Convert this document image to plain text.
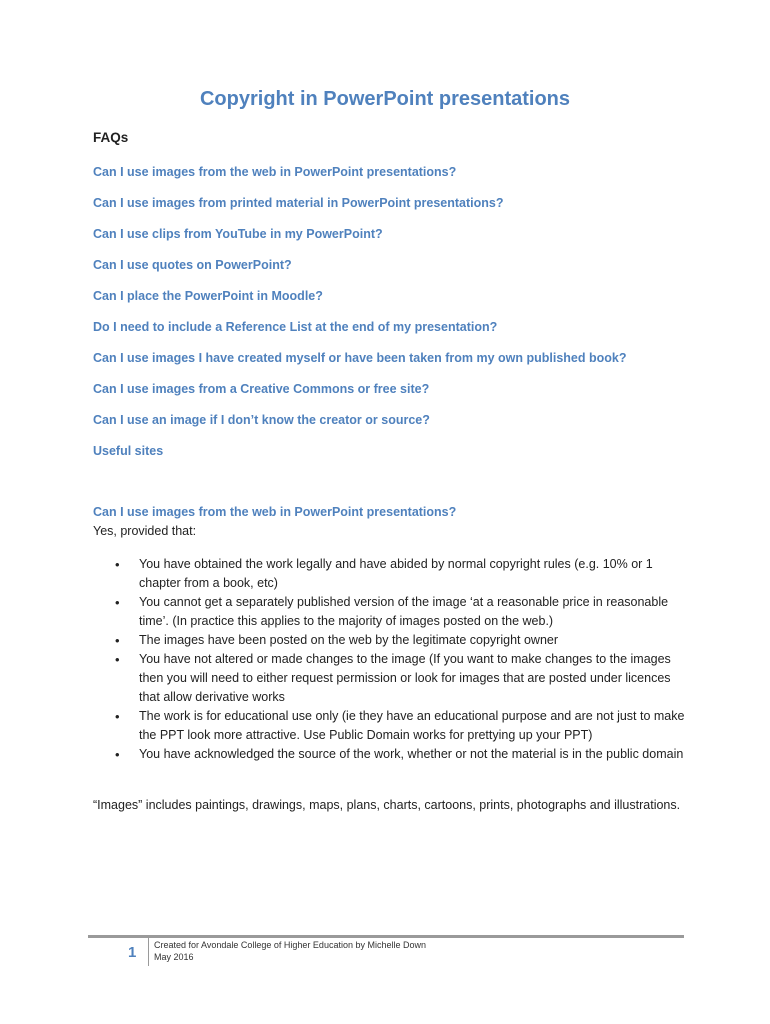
Copyright in PowerPoint presentations
FAQs
Can I use images from the web in PowerPoint presentations?
Can I use images from printed material in PowerPoint presentations?
Can I use clips from YouTube in my PowerPoint?
Can I use quotes on PowerPoint?
Can I place the PowerPoint in Moodle?
Do I need to include a Reference List at the end of my presentation?
Can I use images I have created myself or have been taken from my own published book?
Can I use images from a Creative Commons or free site?
Can I use an image if I don’t know the creator or source?
Useful sites
Can I use images from the web in PowerPoint presentations?
Yes, provided that:
• You have obtained the work legally and have abided by normal copyright rules (e.g. 10% or 1 chapter from a book, etc)
• You cannot get a separately published version of the image ‘at a reasonable price in reasonable time’. (In practice this applies to the majority of images posted on the web.)
• The images have been posted on the web by the legitimate copyright owner
• You have not altered or made changes to the image (If you want to make changes to the images then you will need to either request permission or look for images that are posted under licences that allow derivative works
• The work is for educational use only (ie they have an educational purpose and are not just to make the PPT look more attractive. Use Public Domain works for prettying up your PPT)
• You have acknowledged the source of the work, whether or not the material is in the public domain
“Images” includes paintings, drawings, maps, plans, charts, cartoons, prints, photographs and illustrations.
1 Created for Avondale College of Higher Education by Michelle Down
May 2016
